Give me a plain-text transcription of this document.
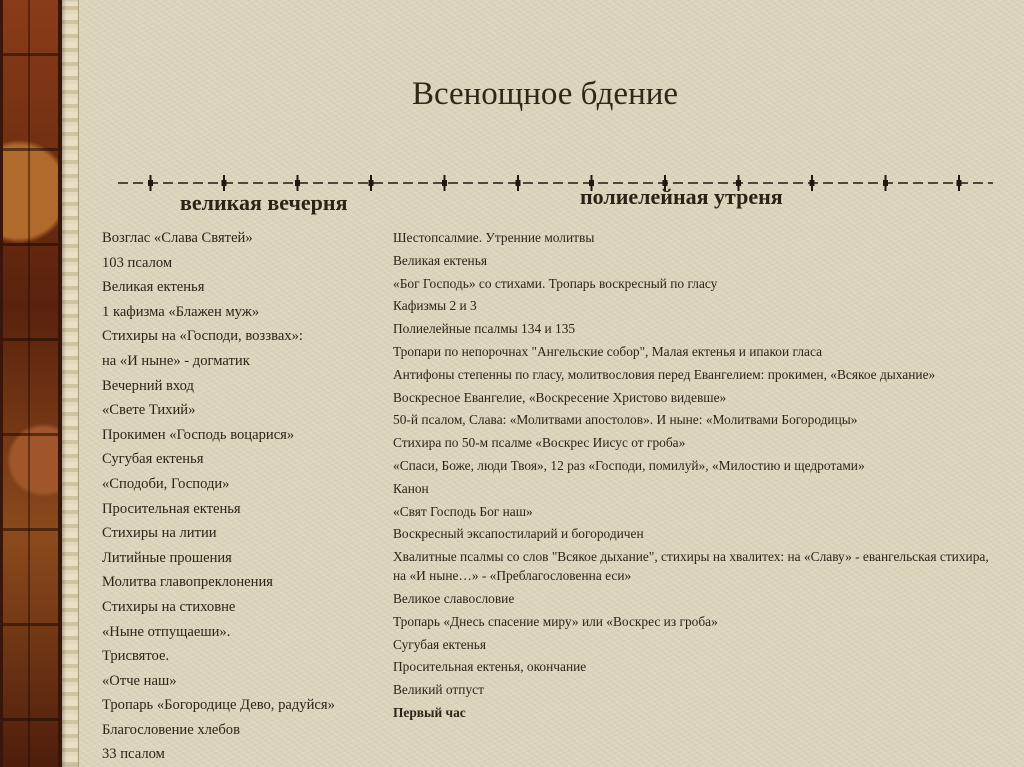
Всенощное бдение
великая вечерня	полиелейная утреня
Возглас «Слава Святей»
103 псалом
Великая ектенья
1 кафизма «Блажен муж»
Стихиры на «Господи, воззвах»:
на «И ныне» - догматик
Вечерний вход
«Свете Тихий»
Прокимен «Господь воцарися»
Сугубая ектенья
«Сподоби, Господи»
Просительная ектенья
Стихиры на литии
Литийные прошения
Молитва главопреклонения
Стихиры на стиховне
«Ныне отпущаеши».
Трисвятое.
«Отче наш»
Тропарь «Богородице Дево, радуйся»
Благословение хлебов
33 псалом
Шестопсалмие. Утренние молитвы
Великая ектенья
«Бог Господь» со стихами. Тропарь воскресный по гласу
Кафизмы 2 и 3
Полиелейные псалмы 134 и 135
Тропари по непорочнах "Ангельские собор", Малая ектенья и ипакои гласа
Антифоны степенны по гласу, молитвословия перед Евангелием: прокимен, «Всякое дыхание»
Воскресное Евангелие, «Воскресение Христово видевше»
50-й псалом, Слава: «Молитвами апостолов». И ныне: «Молитвами Богородицы»
Стихира по 50-м псалме «Воскрес Иисус от гроба»
«Спаси, Боже, люди Твоя», 12 раз «Господи, помилуй», «Милостию и щедротами»
Канон
«Свят Господь Бог наш»
Воскресный эксапостиларий и богородичен
Хвалитные псалмы со слов "Всякое дыхание", стихиры на хвалитех: на «Славу» - евангельская стихира, на «И ныне…» - «Преблагословенна еси»
Великое славословие
Тропарь «Днесь спасение миру» или «Воскрес из гроба»
Сугубая ектенья
Просительная ектенья, окончание
Великий отпуст
Первый час
